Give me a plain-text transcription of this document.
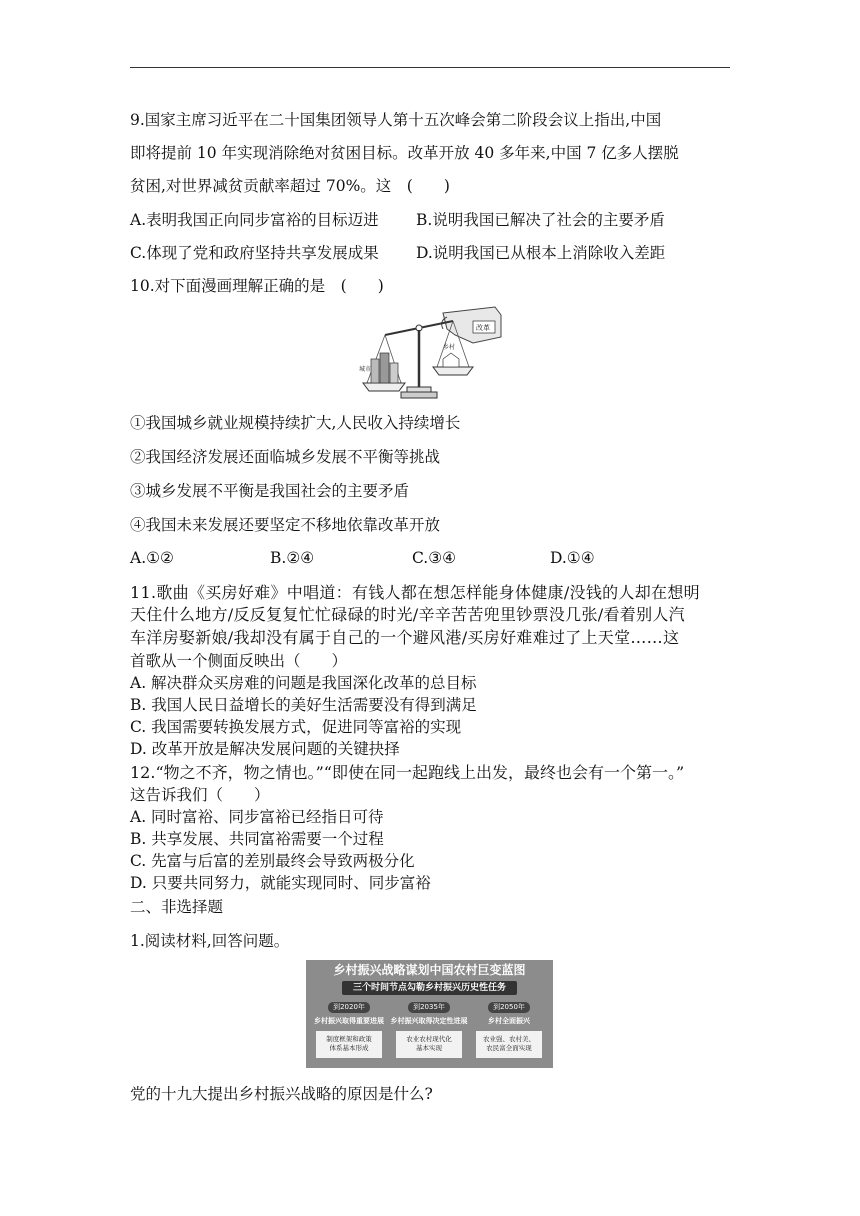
9.国家主席习近平在二十国集团领导人第十五次峰会第二阶段会议上指出,中国
即将提前 10 年实现消除绝对贫困目标。改革开放 40 多年来,中国 7 亿多人摆脱
贫困,对世界减贫贡献率超过 70%。这　(　　)
A.表明我国正向同步富裕的目标迈进 B.说明我国已解决了社会的主要矛盾
C.体现了党和政府坚持共享发展成果 D.说明我国已从根本上消除收入差距
10.对下面漫画理解正确的是　(　　)
改革
城市
乡村
①我国城乡就业规模持续扩大,人民收入持续增长
②我国经济发展还面临城乡发展不平衡等挑战
③城乡发展不平衡是我国社会的主要矛盾
④我国未来发展还要坚定不移地依靠改革开放
A.①②	B.②④	C.③④	D.①④
11.歌曲《买房好难》中唱道：有钱人都在想怎样能身体健康/没钱的人却在想明
天住什么地方/反反复复忙忙碌碌的时光/辛辛苦苦兜里钞票没几张/看着别人汽
车洋房娶新娘/我却没有属于自己的一个避风港/买房好难难过了上天堂……这
首歌从一个侧面反映出（　　）
A. 解决群众买房难的问题是我国深化改革的总目标
B. 我国人民日益增长的美好生活需要没有得到满足
C. 我国需要转换发展方式，促进同等富裕的实现
D. 改革开放是解决发展问题的关键抉择
12.“物之不齐，物之情也。”“即使在同一起跑线上出发，最终也会有一个第一。”
这告诉我们（　　）
A. 同时富裕、同步富裕已经指日可待
B. 共享发展、共同富裕需要一个过程
C. 先富与后富的差别最终会导致两极分化
D. 只要共同努力，就能实现同时、同步富裕
二、非选择题
1.阅读材料,回答问题。
乡村振兴战略谋划中国农村巨变蓝图
三个时间节点勾勒乡村振兴历史性任务
到2020年
乡村振兴取得重要进展
制度框架和政策
体系基本形成
到2035年
乡村振兴取得决定性进展
农业农村现代化
基本实现
到2050年
乡村全面振兴
农业强、农村美、
农民富全面实现
党的十九大提出乡村振兴战略的原因是什么?
